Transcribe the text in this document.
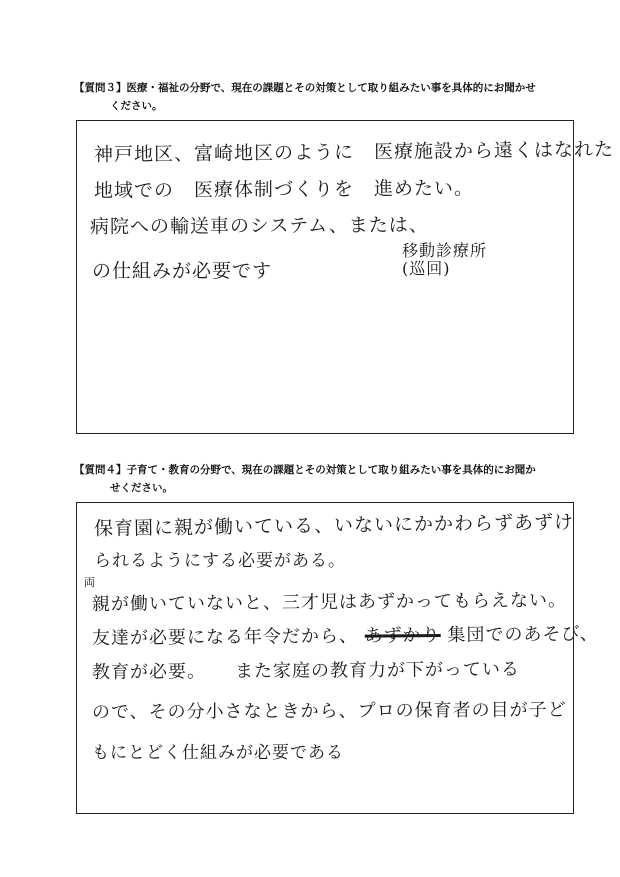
【質問３】医療・福祉の分野で、現在の課題とその対策として取り組みたい事を具体的にお聞かせ
ください。
神戸地区、富崎地区のように　医療施設から遠くはなれた
地域での　医療体制づくりを　進めたい。
病院への輸送車のシステム、または、
の仕組みが必要です
移動診療所
(巡回)
【質問４】子育て・教育の分野で、現在の課題とその対策として取り組みたい事を具体的にお聞か
せください。
保育園に親が働いている、いないにかかわらずあずけ
られるようにする必要がある。
両
親が働いていないと、三才児はあずかってもらえない。
友達が必要になる年令だから、 あずかり 集団でのあそび、
教育が必要。　　また家庭の教育力が下がっている
ので、その分小さなときから、プロの保育者の目が子ど
もにとどく仕組みが必要である
